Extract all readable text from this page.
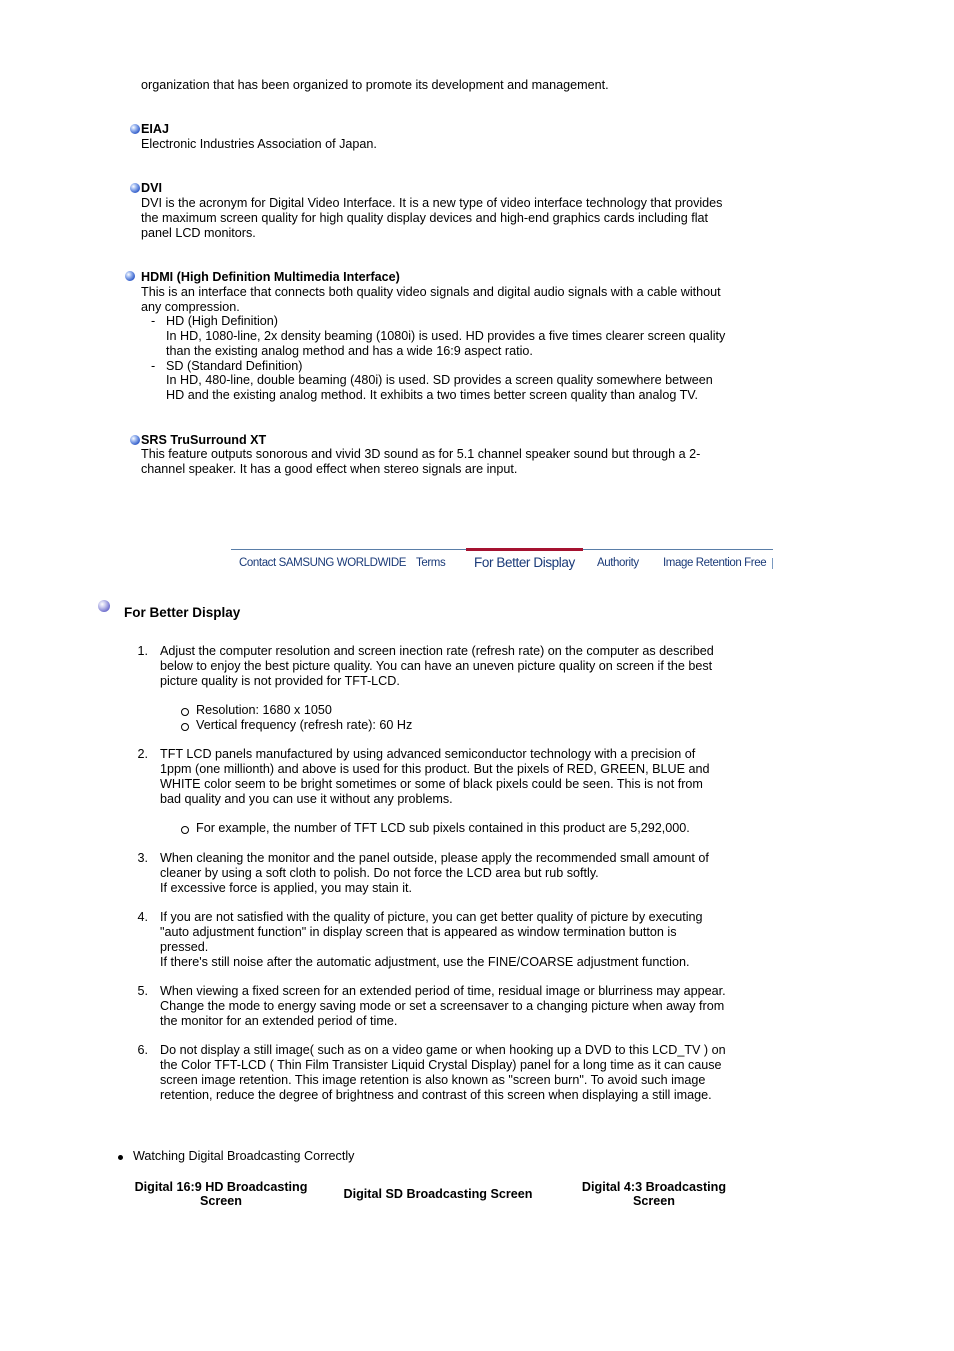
organization that has been organized to promote its development and management.
EIAJ
Electronic Industries Association of Japan.
DVI
DVI is the acronym for Digital Video Interface. It is a new type of video interface technology that provides
the maximum screen quality for high quality display devices and high-end graphics cards including flat
panel LCD monitors.
HDMI (High Definition Multimedia Interface)
This is an interface that connects both quality video signals and digital audio signals with a cable without
any compression.
- HD (High Definition)
In HD, 1080-line, 2x density beaming (1080i) is used. HD provides a five times clearer screen quality
than the existing analog method and has a wide 16:9 aspect ratio.
- SD (Standard Definition)
In HD, 480-line, double beaming (480i) is used. SD provides a screen quality somewhere between
HD and the existing analog method. It exhibits a two times better screen quality than analog TV.
SRS TruSurround XT
This feature outputs sonorous and vivid 3D sound as for 5.1 channel speaker sound but through a 2-
channel speaker. It has a good effect when stereo signals are input.
Contact SAMSUNG WORLDWIDE Terms For Better Display Authority Image Retention Free
For Better Display
1. Adjust the computer resolution and screen inection rate (refresh rate) on the computer as described
below to enjoy the best picture quality. You can have an uneven picture quality on screen if the best
picture quality is not provided for TFT-LCD.
Resolution: 1680 x 1050
Vertical frequency (refresh rate): 60 Hz
2. TFT LCD panels manufactured by using advanced semiconductor technology with a precision of
1ppm (one millionth) and above is used for this product. But the pixels of RED, GREEN, BLUE and
WHITE color seem to be bright sometimes or some of black pixels could be seen. This is not from
bad quality and you can use it without any problems.
For example, the number of TFT LCD sub pixels contained in this product are 5,292,000.
3. When cleaning the monitor and the panel outside, please apply the recommended small amount of
cleaner by using a soft cloth to polish. Do not force the LCD area but rub softly.
If excessive force is applied, you may stain it.
4. If you are not satisfied with the quality of picture, you can get better quality of picture by executing
"auto adjustment function" in display screen that is appeared as window termination button is
pressed.
If there's still noise after the automatic adjustment, use the FINE/COARSE adjustment function.
5. When viewing a fixed screen for an extended period of time, residual image or blurriness may appear.
Change the mode to energy saving mode or set a screensaver to a changing picture when away from
the monitor for an extended period of time.
6. Do not display a still image( such as on a video game or when hooking up a DVD to this LCD_TV ) on
the Color TFT-LCD ( Thin Film Transister Liquid Crystal Display) panel for a long time as it can cause
screen image retention. This image retention is also known as "screen burn". To avoid such image
retention, reduce the degree of brightness and contrast of this screen when displaying a still image.
Watching Digital Broadcasting Correctly
Digital 16:9 HD Broadcasting
Screen	Digital SD Broadcasting Screen	Digital 4:3 Broadcasting
Screen
